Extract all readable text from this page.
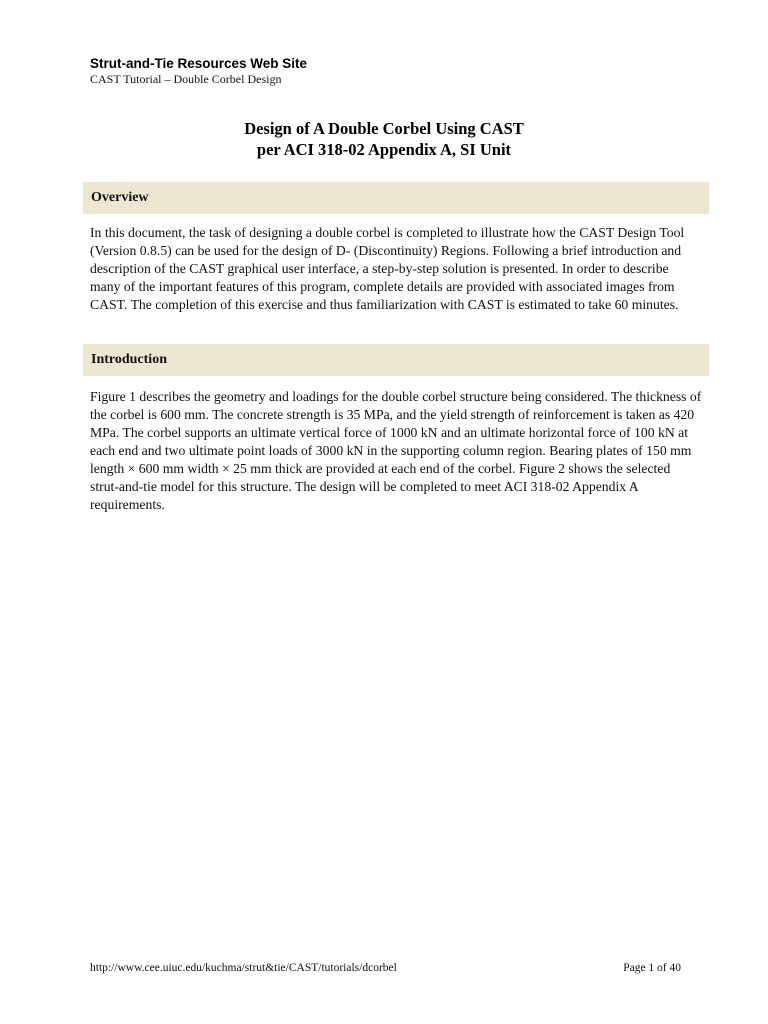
Strut-and-Tie Resources Web Site
CAST Tutorial – Double Corbel Design
Design of A Double Corbel Using CAST
per ACI 318-02 Appendix A, SI Unit
Overview

In this document, the task of designing a double corbel is completed to illustrate how the CAST Design Tool (Version 0.8.5) can be used for the design of D- (Discontinuity) Regions. Following a brief introduction and description of the CAST graphical user interface, a step-by-step solution is presented. In order to describe many of the important features of this program, complete details are provided with associated images from CAST. The completion of this exercise and thus familiarization with CAST is estimated to take 60 minutes.

Introduction

Figure 1 describes the geometry and loadings for the double corbel structure being considered. The thickness of the corbel is 600 mm. The concrete strength is 35 MPa, and the yield strength of reinforcement is taken as 420 MPa. The corbel supports an ultimate vertical force of 1000 kN and an ultimate horizontal force of 100 kN at each end and two ultimate point loads of 3000 kN in the supporting column region. Bearing plates of 150 mm length × 600 mm width × 25 mm thick are provided at each end of the corbel. Figure 2 shows the selected strut-and-tie model for this structure. The design will be completed to meet ACI 318-02 Appendix A requirements.

http://www.cee.uiuc.edu/kuchma/strut&tie/CAST/tutorials/dcorbel	Page 1 of 40
